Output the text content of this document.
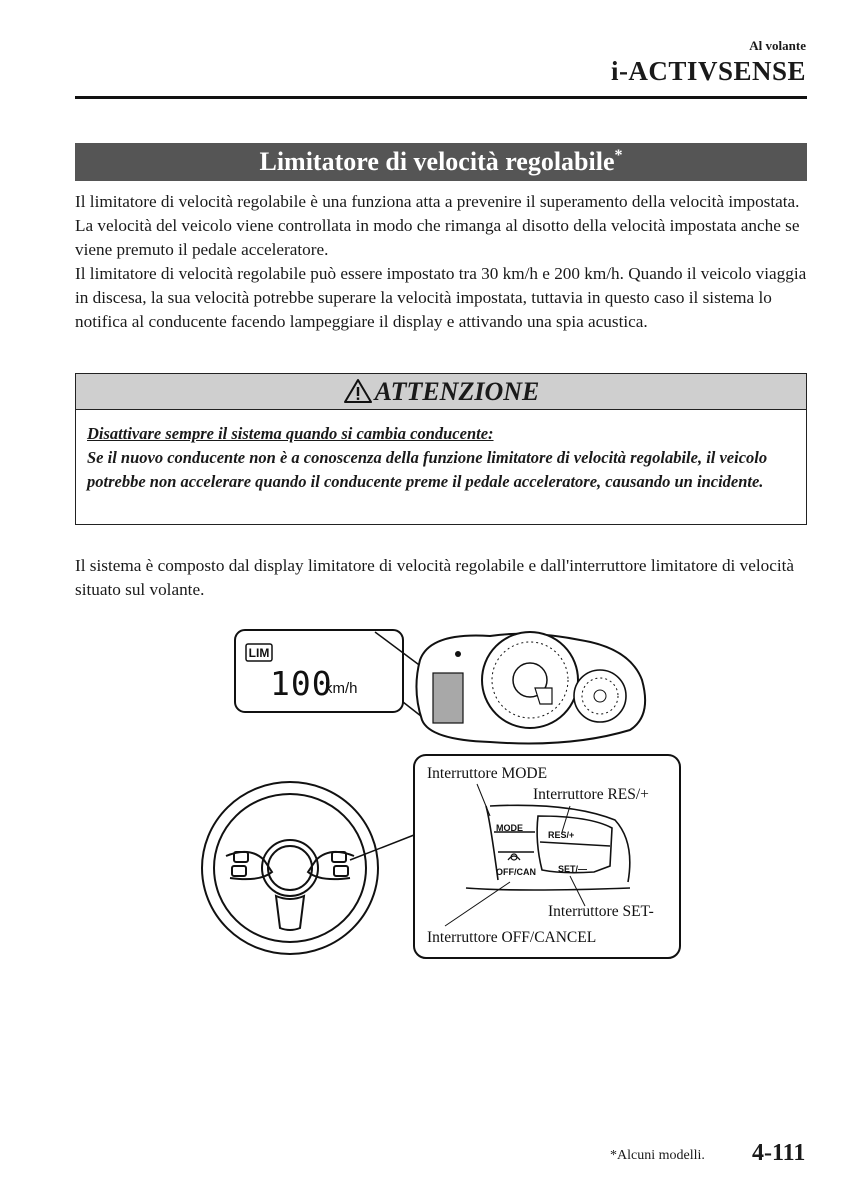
Al volante
i-ACTIVSENSE
Limitatore di velocità regolabile*
Il limitatore di velocità regolabile è una funziona atta a prevenire il superamento della velocità impostata. La velocità del veicolo viene controllata in modo che rimanga al disotto della velocità impostata anche se viene premuto il pedale acceleratore.
Il limitatore di velocità regolabile può essere impostato tra 30 km/h e 200 km/h. Quando il veicolo viaggia in discesa, la sua velocità potrebbe superare la velocità impostata, tuttavia in questo caso il sistema lo notifica al conducente facendo lampeggiare il display e attivando una spia acustica.
ATTENZIONE
Disattivare sempre il sistema quando si cambia conducente:
Se il nuovo conducente non è a conoscenza della funzione limitatore di velocità regolabile, il veicolo potrebbe non accelerare quando il conducente preme il pedale acceleratore, causando un incidente.
Il sistema è composto dal display limitatore di velocità regolabile e dall'interruttore limitatore di velocità situato sul volante.
LIM
100
km/h
Interruttore MODE
Interruttore RES/+
Interruttore SET-
Interruttore OFF/CANCEL
MODE
RES/+
SET/—
OFF/CAN
*Alcuni modelli. 4-111
